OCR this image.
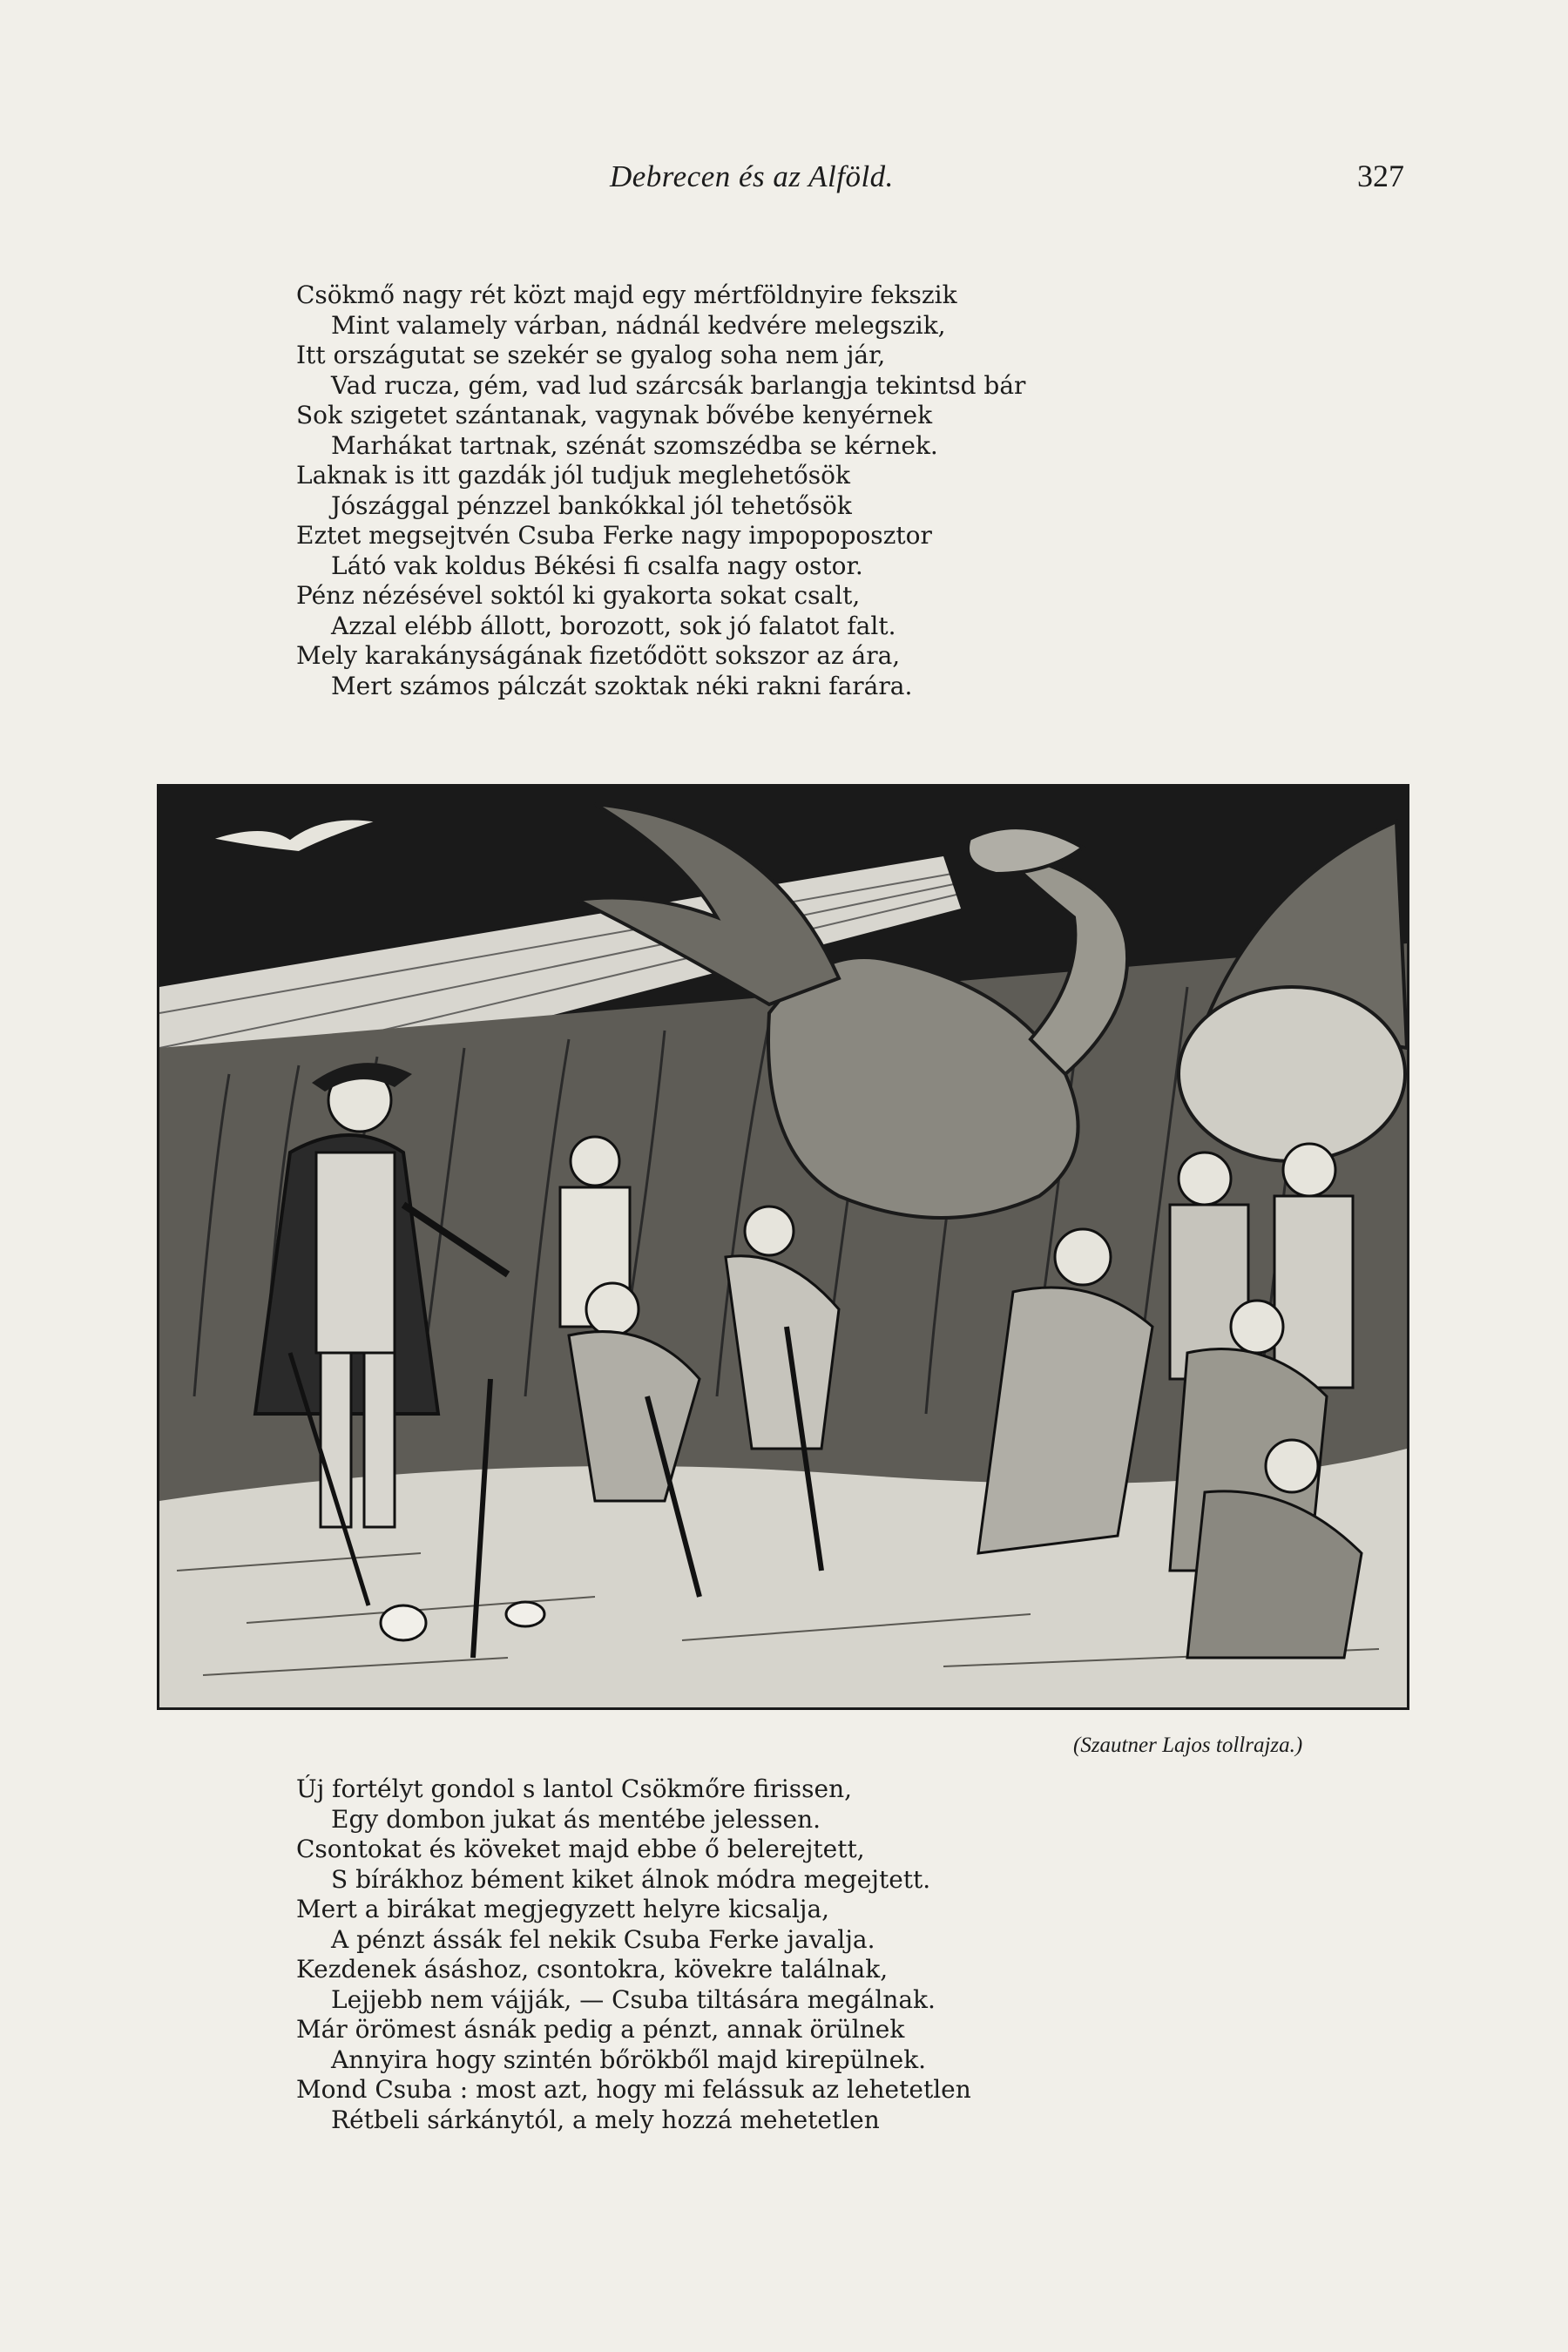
Debrecen és az Alföld.	327
Csökmő nagy rét közt majd egy mértföldnyire fekszik
Mint valamely várban, nádnál kedvére melegszik,
Itt országutat se szekér se gyalog soha nem jár,
Vad rucza, gém, vad lud szárcsák barlangja tekintsd bár
Sok szigetet szántanak, vagynak bővébe kenyérnek
Marhákat tartnak, szénát szomszédba se kérnek.
Laknak is itt gazdák jól tudjuk meglehetősök
Jószággal pénzzel bankókkal jól tehetősök
Eztet megsejtvén Csuba Ferke nagy impopoposztor
Látó vak koldus Békési fi csalfa nagy ostor.
Pénz nézésével soktól ki gyakorta sokat csalt,
Azzal elébb állott, borozott, sok jó falatot falt.
Mely karakányságának fizetődött sokszor az ára,
Mert számos pálczát szoktak néki rakni farára.
(Szautner Lajos tollrajza.)
Új fortélyt gondol s lantol Csökmőre firissen,
Egy dombon jukat ás mentébe jelessen.
Csontokat és köveket majd ebbe ő belerejtett,
S bírákhoz bément kiket álnok módra megejtett.
Mert a birákat megjegyzett helyre kicsalja,
A pénzt ássák fel nekik Csuba Ferke javalja.
Kezdenek ásáshoz, csontokra, kövekre találnak,
Lejjebb nem vájják, — Csuba tiltására megálnak.
Már örömest ásnák pedig a pénzt, annak örülnek
Annyira hogy szintén bőrökből majd kirepülnek.
Mond Csuba : most azt, hogy mi felássuk az lehetetlen
Rétbeli sárkánytól, a mely hozzá mehetetlen
